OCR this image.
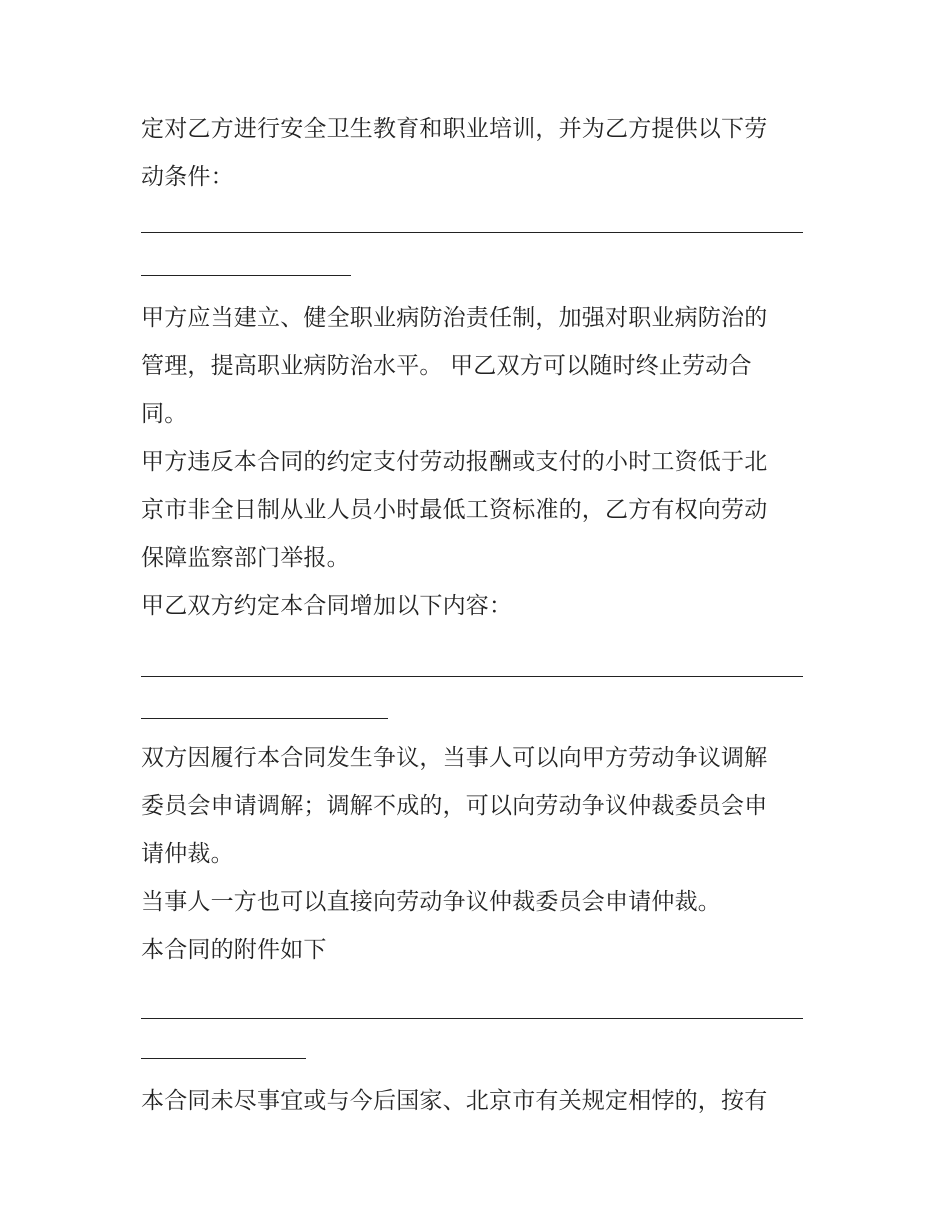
定对乙方进行安全卫生教育和职业培训，并为乙方提供以下劳
动条件：
甲方应当建立、健全职业病防治责任制，加强对职业病防治的
管理，提高职业病防治水平。 甲乙双方可以随时终止劳动合
同。
甲方违反本合同的约定支付劳动报酬或支付的小时工资低于北
京市非全日制从业人员小时最低工资标准的，乙方有权向劳动
保障监察部门举报。
甲乙双方约定本合同增加以下内容：
双方因履行本合同发生争议，当事人可以向甲方劳动争议调解
委员会申请调解；调解不成的，可以向劳动争议仲裁委员会申
请仲裁。
当事人一方也可以直接向劳动争议仲裁委员会申请仲裁。
本合同的附件如下
本合同未尽事宜或与今后国家、北京市有关规定相悖的，按有
